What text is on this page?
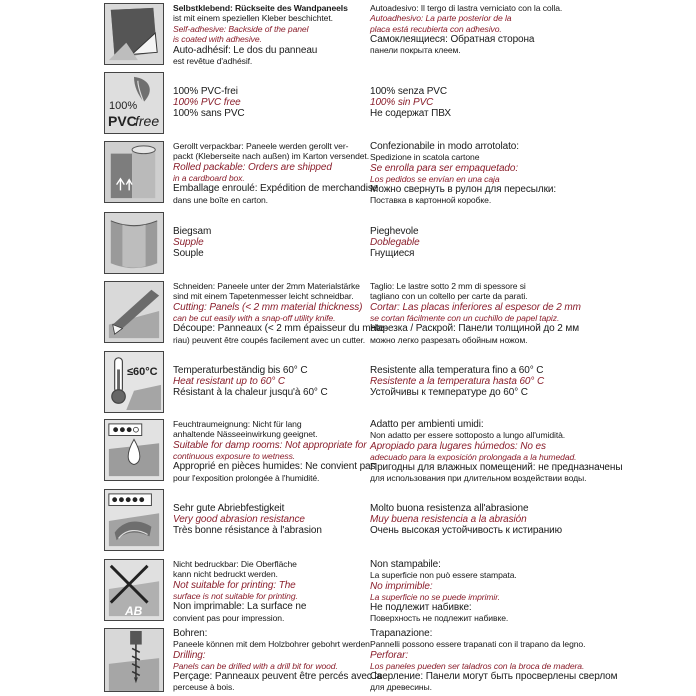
Selbstklebend: Rückseite des Wandpaneels
ist mit einem speziellen Kleber beschichtet.
Self-adhesive: Backside of the panel
is coated with adhesive.
Auto-adhésif: Le dos du panneau
est revêtue d'adhésif.
Autoadesivo: Il tergo di lastra verniciato con la colla.
Autoadhesivo: La parte posterior de la
placa está recubierta con adhesivo.
Самоклеящиеся: Обратная сторона
панели покрыта клеем.
100%
PVC
free
100% PVC-frei
100% PVC free
100% sans PVC
100% senza PVC
100% sin PVC
Не содержат ПВХ
Gerollt verpackbar: Paneele werden gerollt ver-
packt (Kleberseite nach außen) im Karton versendet.
Rolled packable: Orders are shipped
in a cardboard box.
Emballage enroulé: Expédition de merchandise
dans une boîte en carton.
Confezionabile in modo arrotolato:
Spedizione in scatola cartone
Se enrolla para ser empaquetado:
Los pedidos se envían en una caja
Можно свернуть в рулон для пересылки:
Поставка в картонной коробке.
Biegsam
Supple
Souple
Pieghevole
Doblegable
Гнущиеся
Schneiden: Paneele unter der 2mm Materialstärke
sind mit einem Tapetenmesser leicht schneidbar.
Cutting: Panels (< 2 mm material thickness)
can be cut easily with a snap-off utility knife.
Découpe: Panneaux (< 2 mm épaisseur du mate-
riau) peuvent être coupés facilement avec un cutter.
Taglio: Le lastre sotto 2 mm di spessore si
tagliano con un coltello per carte da parati.
Cortar: Las placas inferiores al espesor de 2 mm
se cortan fácilmente con un cuchillo de papel tapiz.
Нарезка / Раскрой: Панели толщиной до 2 мм
можно легко разрезать обойным ножом.
≤60°C Temperaturbeständig bis 60° C
Heat resistant up to 60° C
Résistant à la chaleur jusqu'à 60° C
Resistente alla temperatura fino a 60° C
Resistente a la temperatura hasta 60° C
Устойчивы к температуре до 60° C
Feuchtraumeignung: Nicht für lang
anhaltende Nässeeinwirkung geeignet.
Suitable for damp rooms: Not appropriate for
continuous exposure to wetness.
Approprié en pièces humides: Ne convient pas
pour l'exposition prolongée à l'humidité.
Adatto per ambienti umidi:
Non adatto per essere sottoposto a lungo all'umidità.
Apropiado para lugares húmedos: No es
adecuado para la exposición prolongada a la humedad.
Пригодны для влажных помещений: не предназначены
для использования при длительном воздействии воды.
Sehr gute Abriebfestigkeit
Very good abrasion resistance
Très bonne résistance à l'abrasion
Molto buona resistenza all'abrasione
Muy buena resistencia a la abrasión
Очень высокая устойчивость к истиранию
AB
Nicht bedruckbar: Die Oberfläche
kann nicht bedruckt werden.
Not suitable for printing: The
surface is not suitable for printing.
Non imprimable: La surface ne
convient pas pour impression.
Non stampabile:
La superficie non può essere stampata.
No imprimible:
La superficie no se puede imprimir.
Не подлежит набивке:
Поверхность не подлежит набивке.
Bohren:
Paneele können mit dem Holzbohrer gebohrt werden.
Drilling:
Panels can be drilled with a drill bit for wood.
Perçage: Panneaux peuvent être percés avec la
perceuse à bois.
Trapanazione:
Pannelli possono essere trapanati con il trapano da legno.
Perforar:
Los paneles pueden ser taladros con la broca de madera.
Сверление: Панели могут быть просверлены сверлом
для древесины.
